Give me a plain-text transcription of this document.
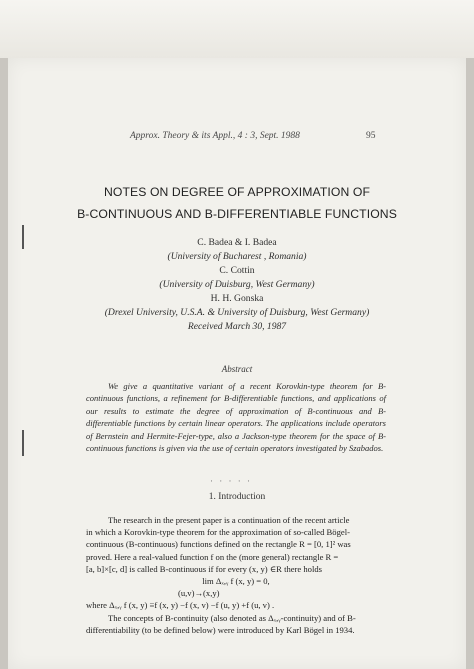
Approx. Theory & its Appl., 4 : 3, Sept. 1988	95
NOTES ON DEGREE OF APPROXIMATION OF
B-CONTINUOUS AND B-DIFFERENTIABLE FUNCTIONS
C. Badea & I. Badea
(University of Bucharest , Romania)
C. Cottin
(University of Duisburg, West Germany)
H. H. Gonska
(Drexel University, U.S.A. & University of Duisburg, West Germany)
Received March 30, 1987
Abstract
We give a quantitative variant of a recent Korovkin-type theorem for B-continuous functions, a refinement for B-differentiable functions, and applications of our results to estimate the degree of approximation of B-continuous and B-differentiable functions by certain linear operators. The applications include operators of Bernstein and Hermite-Fejer-type, also a Jackson-type theorem for the space of B-continuous functions is given via the use of certain operators investigated by Szabados.
· · · · ·
1. Introduction
The research in the present paper is a continuation of the recent article
in which a Korovkin-type theorem for the approximation of so-called Bögel-
continuous (B-continuous) functions defined on the rectangle R = [0, 1]² was
proved. Here a real-valued function f on the (more general) rectangle R =
[a, b]×[c, d] is called B-continuous if for every (x, y) ∈R there holds
lim Δₓ,ᵧ f (x, y) = 0,
(u,v)→(x,y)
where Δₓ,ᵧ f (x, y) ≡f (x, y) −f (x, v) −f (u, y) +f (u, v) .
The concepts of B-continuity (also denoted as Δₓ,ᵧ-continuity) and of B-
differentiability (to be defined below) were introduced by Karl Bögel in 1934.
